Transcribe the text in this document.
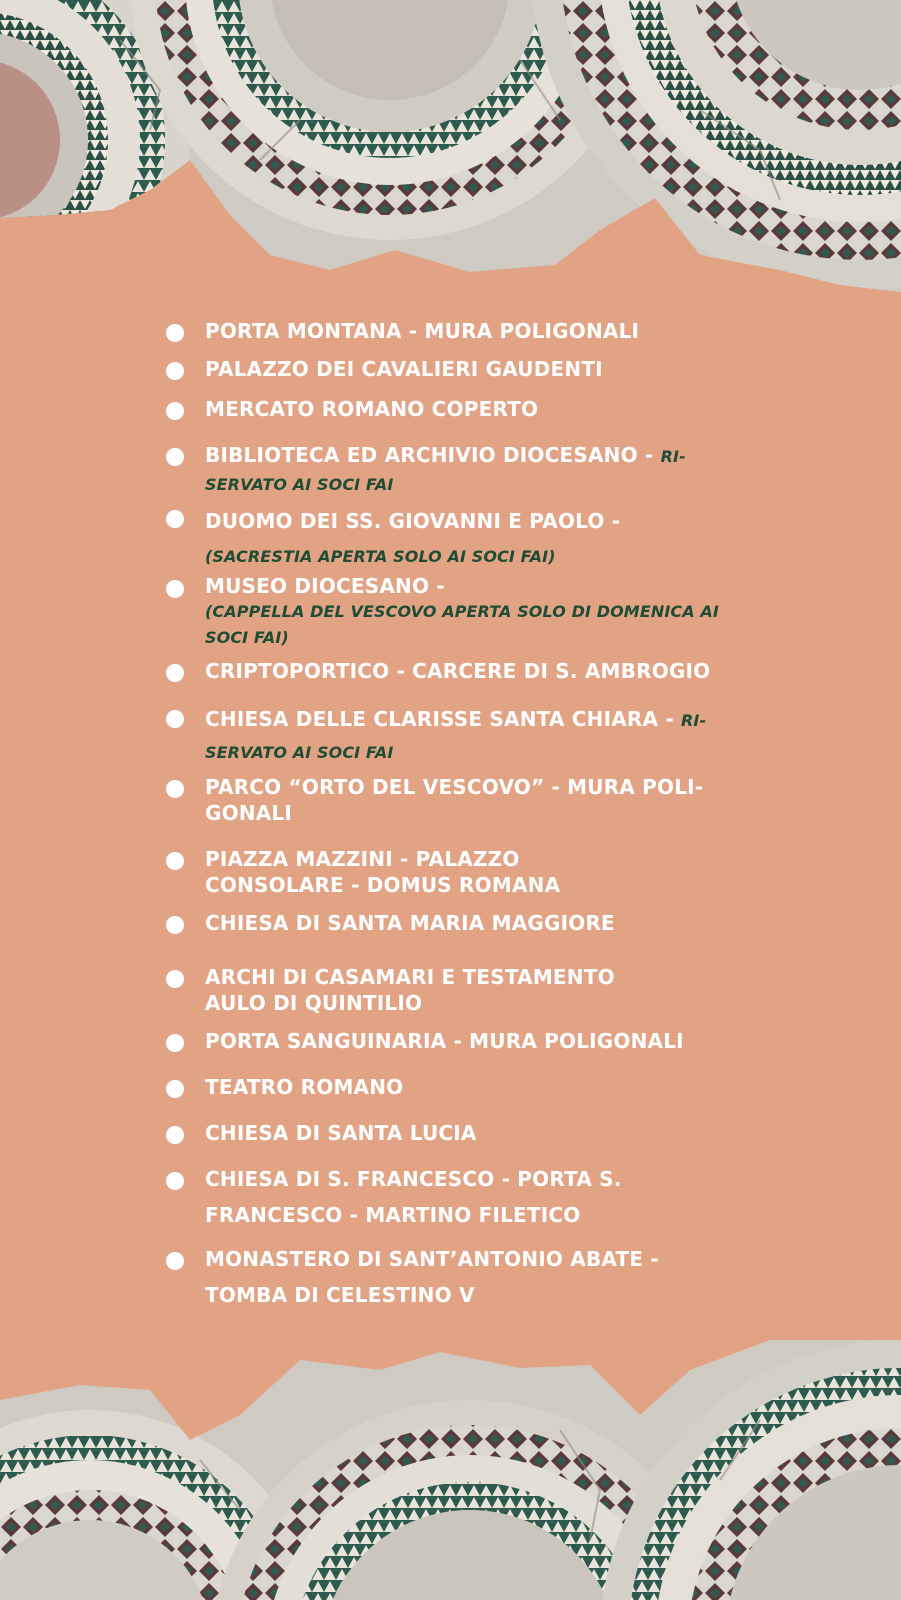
PORTA MONTANA - MURA POLIGONALI
PALAZZO DEI CAVALIERI GAUDENTI
MERCATO ROMANO COPERTO
BIBLIOTECA ED ARCHIVIO DIOCESANO - RI-SERVATO AI SOCI FAI
DUOMO DEI SS. GIOVANNI E PAOLO -
(SACRESTIA APERTA SOLO AI SOCI FAI)
MUSEO DIOCESANO -
(CAPPELLA DEL VESCOVO APERTA SOLO DI DOMENICA AI SOCI FAI)
CRIPTOPORTICO - CARCERE DI S. AMBROGIO
CHIESA DELLE CLARISSE SANTA CHIARA - RI-SERVATO AI SOCI FAI
PARCO “ORTO DEL VESCOVO” - MURA POLI-GONALI
PIAZZA MAZZINI - PALAZZO CONSOLARE - DOMUS ROMANA
CHIESA DI SANTA MARIA MAGGIORE
ARCHI DI CASAMARI E TESTAMENTO AULO DI QUINTILIO
PORTA SANGUINARIA - MURA POLIGONALI
TEATRO ROMANO
CHIESA DI SANTA LUCIA
CHIESA DI S. FRANCESCO - PORTA S. FRANCESCO - MARTINO FILETICO
MONASTERO DI SANT’ANTONIO ABATE - TOMBA DI CELESTINO V
